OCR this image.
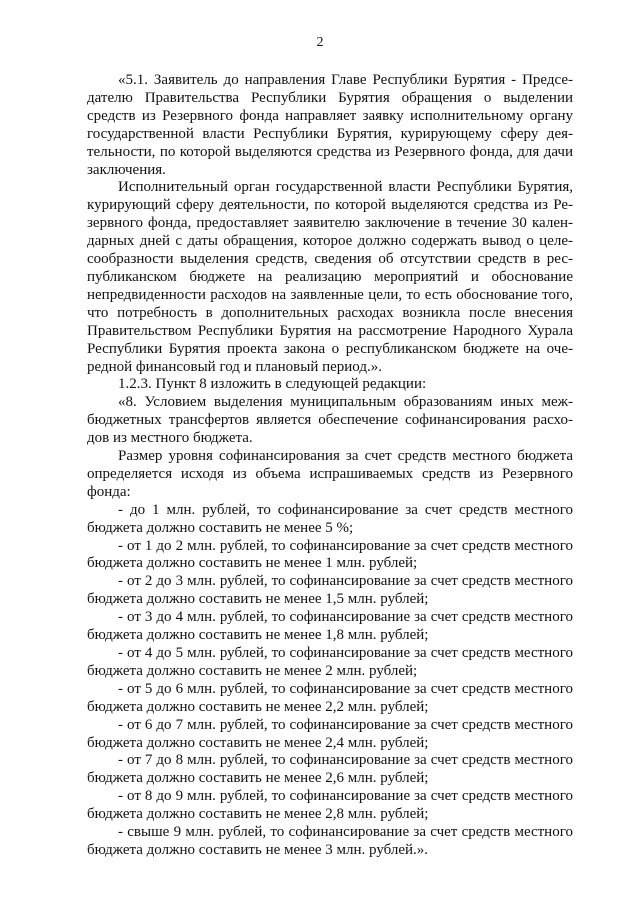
2

«5.1. Заявитель до направления Главе Республики Бурятия - Председателю Правительства Республики Бурятия обращения о выделении средств из Резервного фонда направляет заявку исполнительному органу государственной власти Республики Бурятия, курирующему сферу деятельности, по которой выделяются средства из Резервного фонда, для дачи заключения.

Исполнительный орган государственной власти Республики Бурятия, курирующий сферу деятельности, по которой выделяются средства из Резервного фонда, предоставляет заявителю заключение в течение 30 календарных дней с даты обращения, которое должно содержать вывод о целесообразности выделения средств, сведения об отсутствии средств в республиканском бюджете на реализацию мероприятий и обоснование непредвиденности расходов на заявленные цели, то есть обоснование того, что потребность в дополнительных расходах возникла после внесения Правительством Республики Бурятия на рассмотрение Народного Хурала Республики Бурятия проекта закона о республиканском бюджете на очередной финансовый год и плановый период.».

1.2.3. Пункт 8 изложить в следующей редакции:

«8. Условием выделения муниципальным образованиям иных межбюджетных трансфертов является обеспечение софинансирования расходов из местного бюджета.

Размер уровня софинансирования за счет средств местного бюджета определяется исходя из объема испрашиваемых средств из Резервного фонда:

- до 1 млн. рублей, то софинансирование за счет средств местного бюджета должно составить не менее 5 %;

- от 1 до 2 млн. рублей, то софинансирование за счет средств местного бюджета должно составить не менее 1 млн. рублей;

- от 2 до 3 млн. рублей, то софинансирование за счет средств местного бюджета должно составить не менее 1,5 млн. рублей;

- от 3 до 4 млн. рублей, то софинансирование за счет средств местного бюджета должно составить не менее 1,8 млн. рублей;

- от 4 до 5 млн. рублей, то софинансирование за счет средств местного бюджета должно составить не менее 2 млн. рублей;

- от 5 до 6 млн. рублей, то софинансирование за счет средств местного бюджета должно составить не менее 2,2 млн. рублей;

- от 6 до 7 млн. рублей, то софинансирование за счет средств местного бюджета должно составить не менее 2,4 млн. рублей;

- от 7 до 8 млн. рублей, то софинансирование за счет средств местного бюджета должно составить не менее 2,6 млн. рублей;

- от 8 до 9 млн. рублей, то софинансирование за счет средств местного бюджета должно составить не менее 2,8 млн. рублей;

- свыше 9 млн. рублей, то софинансирование за счет средств местного бюджета должно составить не менее 3 млн. рублей.».
